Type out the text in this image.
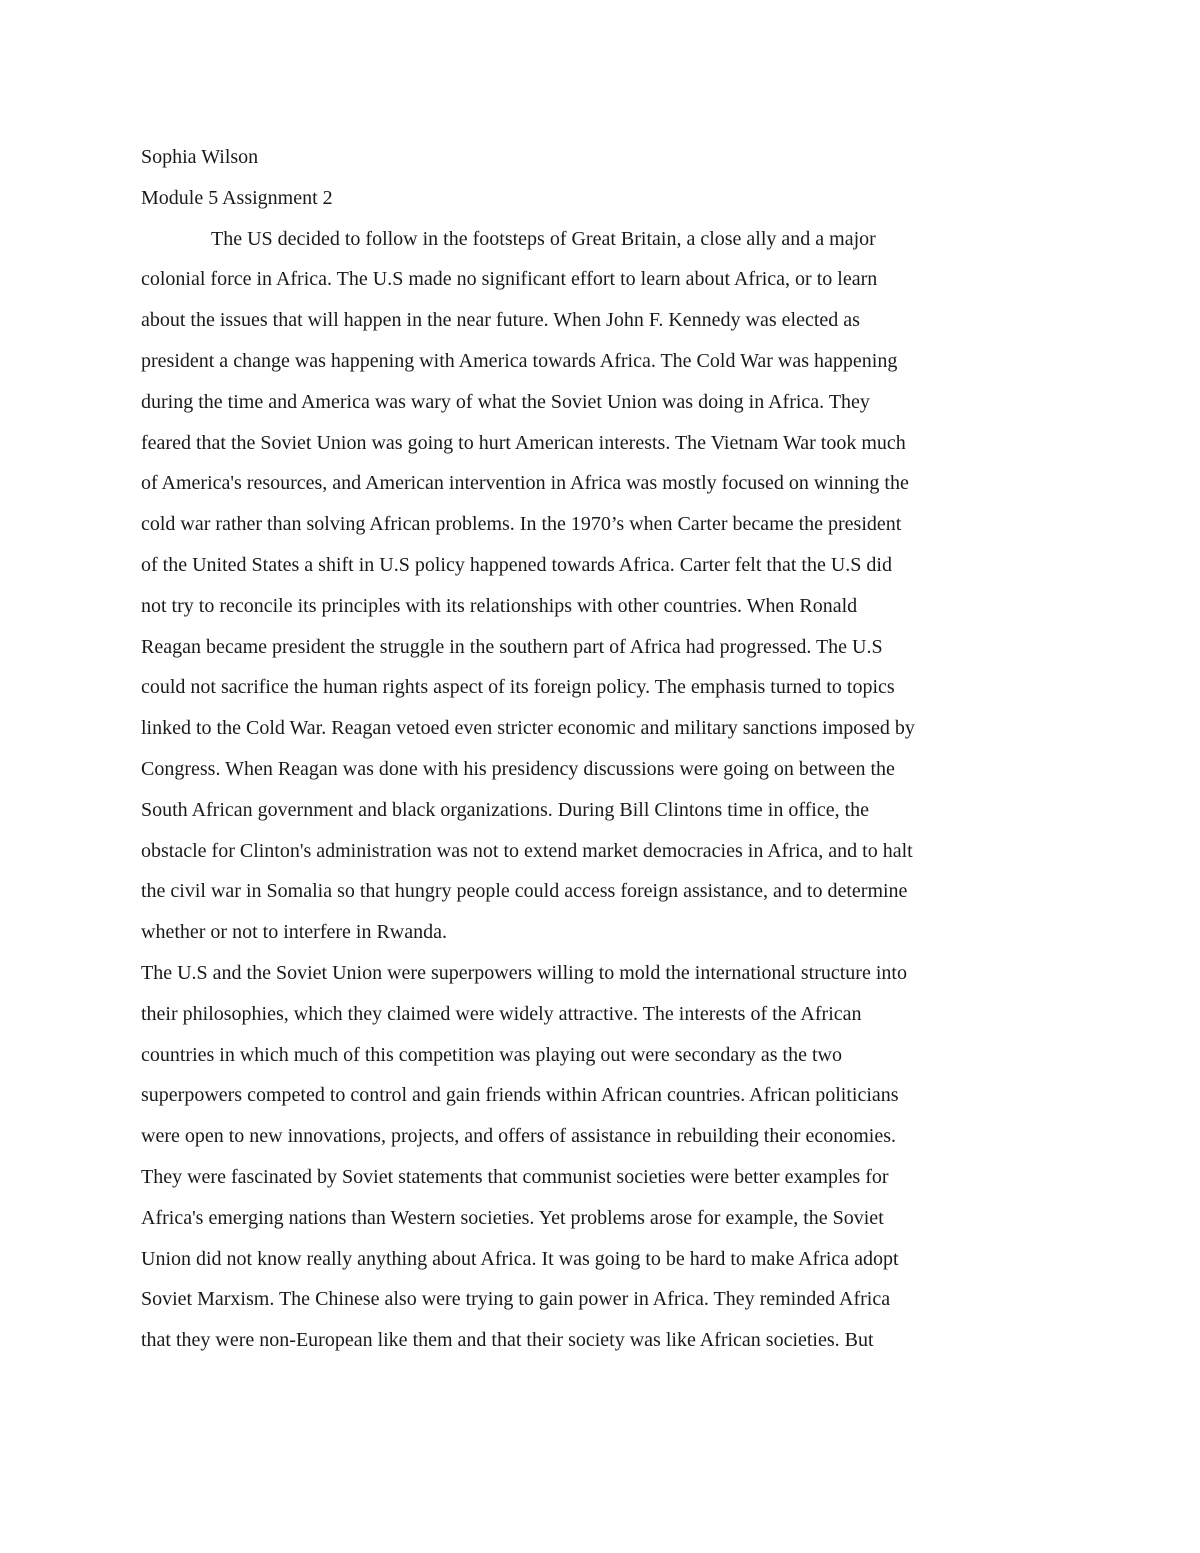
Sophia Wilson
Module 5 Assignment 2
The US decided to follow in the footsteps of Great Britain, a close ally and a major
colonial force in Africa. The U.S made no significant effort to learn about Africa, or to learn
about the issues that will happen in the near future. When John F. Kennedy was elected as
president a change was happening with America towards Africa. The Cold War was happening
during the time and America was wary of what the Soviet Union was doing in Africa. They
feared that the Soviet Union was going to hurt American interests. The Vietnam War took much
of America's resources, and American intervention in Africa was mostly focused on winning the
cold war rather than solving African problems. In the 1970’s when Carter became the president
of the United States a shift in U.S policy happened towards Africa. Carter felt that the U.S did
not try to reconcile its principles with its relationships with other countries. When Ronald
Reagan became president the struggle in the southern part of Africa had progressed. The U.S
could not sacrifice the human rights aspect of its foreign policy. The emphasis turned to topics
linked to the Cold War. Reagan vetoed even stricter economic and military sanctions imposed by
Congress. When Reagan was done with his presidency discussions were going on between the
South African government and black organizations. During Bill Clintons time in office, the
obstacle for Clinton's administration was not to extend market democracies in Africa, and to halt
the civil war in Somalia so that hungry people could access foreign assistance, and to determine
whether or not to interfere in Rwanda.
The U.S and the Soviet Union were superpowers willing to mold the international structure into
their philosophies, which they claimed were widely attractive. The interests of the African
countries in which much of this competition was playing out were secondary as the two
superpowers competed to control and gain friends within African countries. African politicians
were open to new innovations, projects, and offers of assistance in rebuilding their economies.
They were fascinated by Soviet statements that communist societies were better examples for
Africa's emerging nations than Western societies. Yet problems arose for example, the Soviet
Union did not know really anything about Africa. It was going to be hard to make Africa adopt
Soviet Marxism. The Chinese also were trying to gain power in Africa. They reminded Africa
that they were non-European like them and that their society was like African societies. But
